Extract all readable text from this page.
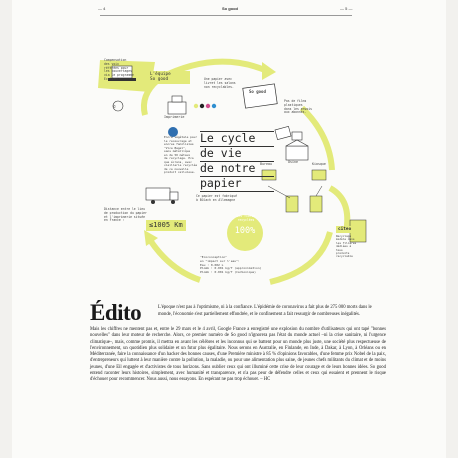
— 4	So good	— 5 —
©
L'équipe
So good
Compensation
des voix
référées pour
les couvertages
via le programme
EcoAvenir
Imprimerie
Une papier avec
livret les salons
non recyclables.
So good
Pas de films
plastiques
dans les envois
aux abonnés.
Encre végétale pour
le recouvrage et
encres familiales
"Vice Bagel",
sans métallique
en de 50 métaux
de recyclage. Eco
que écrans, avec
vieillerie recyclée
de ce nouvelle
produit cellulose.
Le cycle
de vie
de notre
papier
Bureau	Kiosque
Usine
Ce papier est fabriqué
à Bülach en Allemagne
Distance entre le lieu
de production du papier
et l'imprimerie située
en France :
≤1005 Km
Des fibres
recyclées
100%
"Ecoconception"
en "impact sur l'eau":
Eau : 0.002 L
Plomb : 0.001 kg/T (approximation)
Plomb : 0.001 kg/T (Carbonique)
citeo
Recyclage
modèle dans
les filières
dédiées à
tous
produits
recyclable
Édito	L'époque n'est pas à l'optimisme, ni à la confiance. L'épidémie de coronavirus a fait plus de 275 000 morts dans le monde, l'économie s'est partiellement effondrée, et le confinement a fait ressurgir de nombreuses inégalités.
Mais les chiffres ne mentent pas et, entre le 29 mars et le 4 avril, Google France a enregistré une explosion du nombre d'utilisateurs qui ont tapé "bonnes nouvelles" dans leur moteur de recherche. Alors, ce premier numéro de So good n'ignorera pas l'état du monde actuel –ni la crise sanitaire, ni l'urgence climatique–, mais, comme promis, il mettra en avant les célèbres et les inconnus qui se battent pour un monde plus juste, une société plus respectueuse de l'environnement, un quotidien plus solidaire et un futur plus égalitaire. Nous serons en Australie, en Finlande, en Inde, à Dakar, à Lyon, à Orléans ou en Méditerranée, faire la connaissance d'un hacker des bonnes causes, d'une Première ministre à 85 % d'opinions favorables, d'une femme prix Nobel de la paix, d'entrepreneurs qui luttent à leur manière contre la pollution, la maladie, ou pour une alimentation plus saine, de jeunes chefs militants du climat et de moins jeunes, d'une Eil engagée et d'activistes de tous horizons. Sans oublier ceux qui ont illuminé cette crise de leur courage et de leurs bonnes idées. So good entend raconter leurs histoires, simplement, avec humanité et transparence, et n'a pas peur de défendre celles et ceux qui essaient et prennent le risque d'échouer pour recommencer. Nous aussi, nous essayons. En espérant ne pas trop échouer. – HC
